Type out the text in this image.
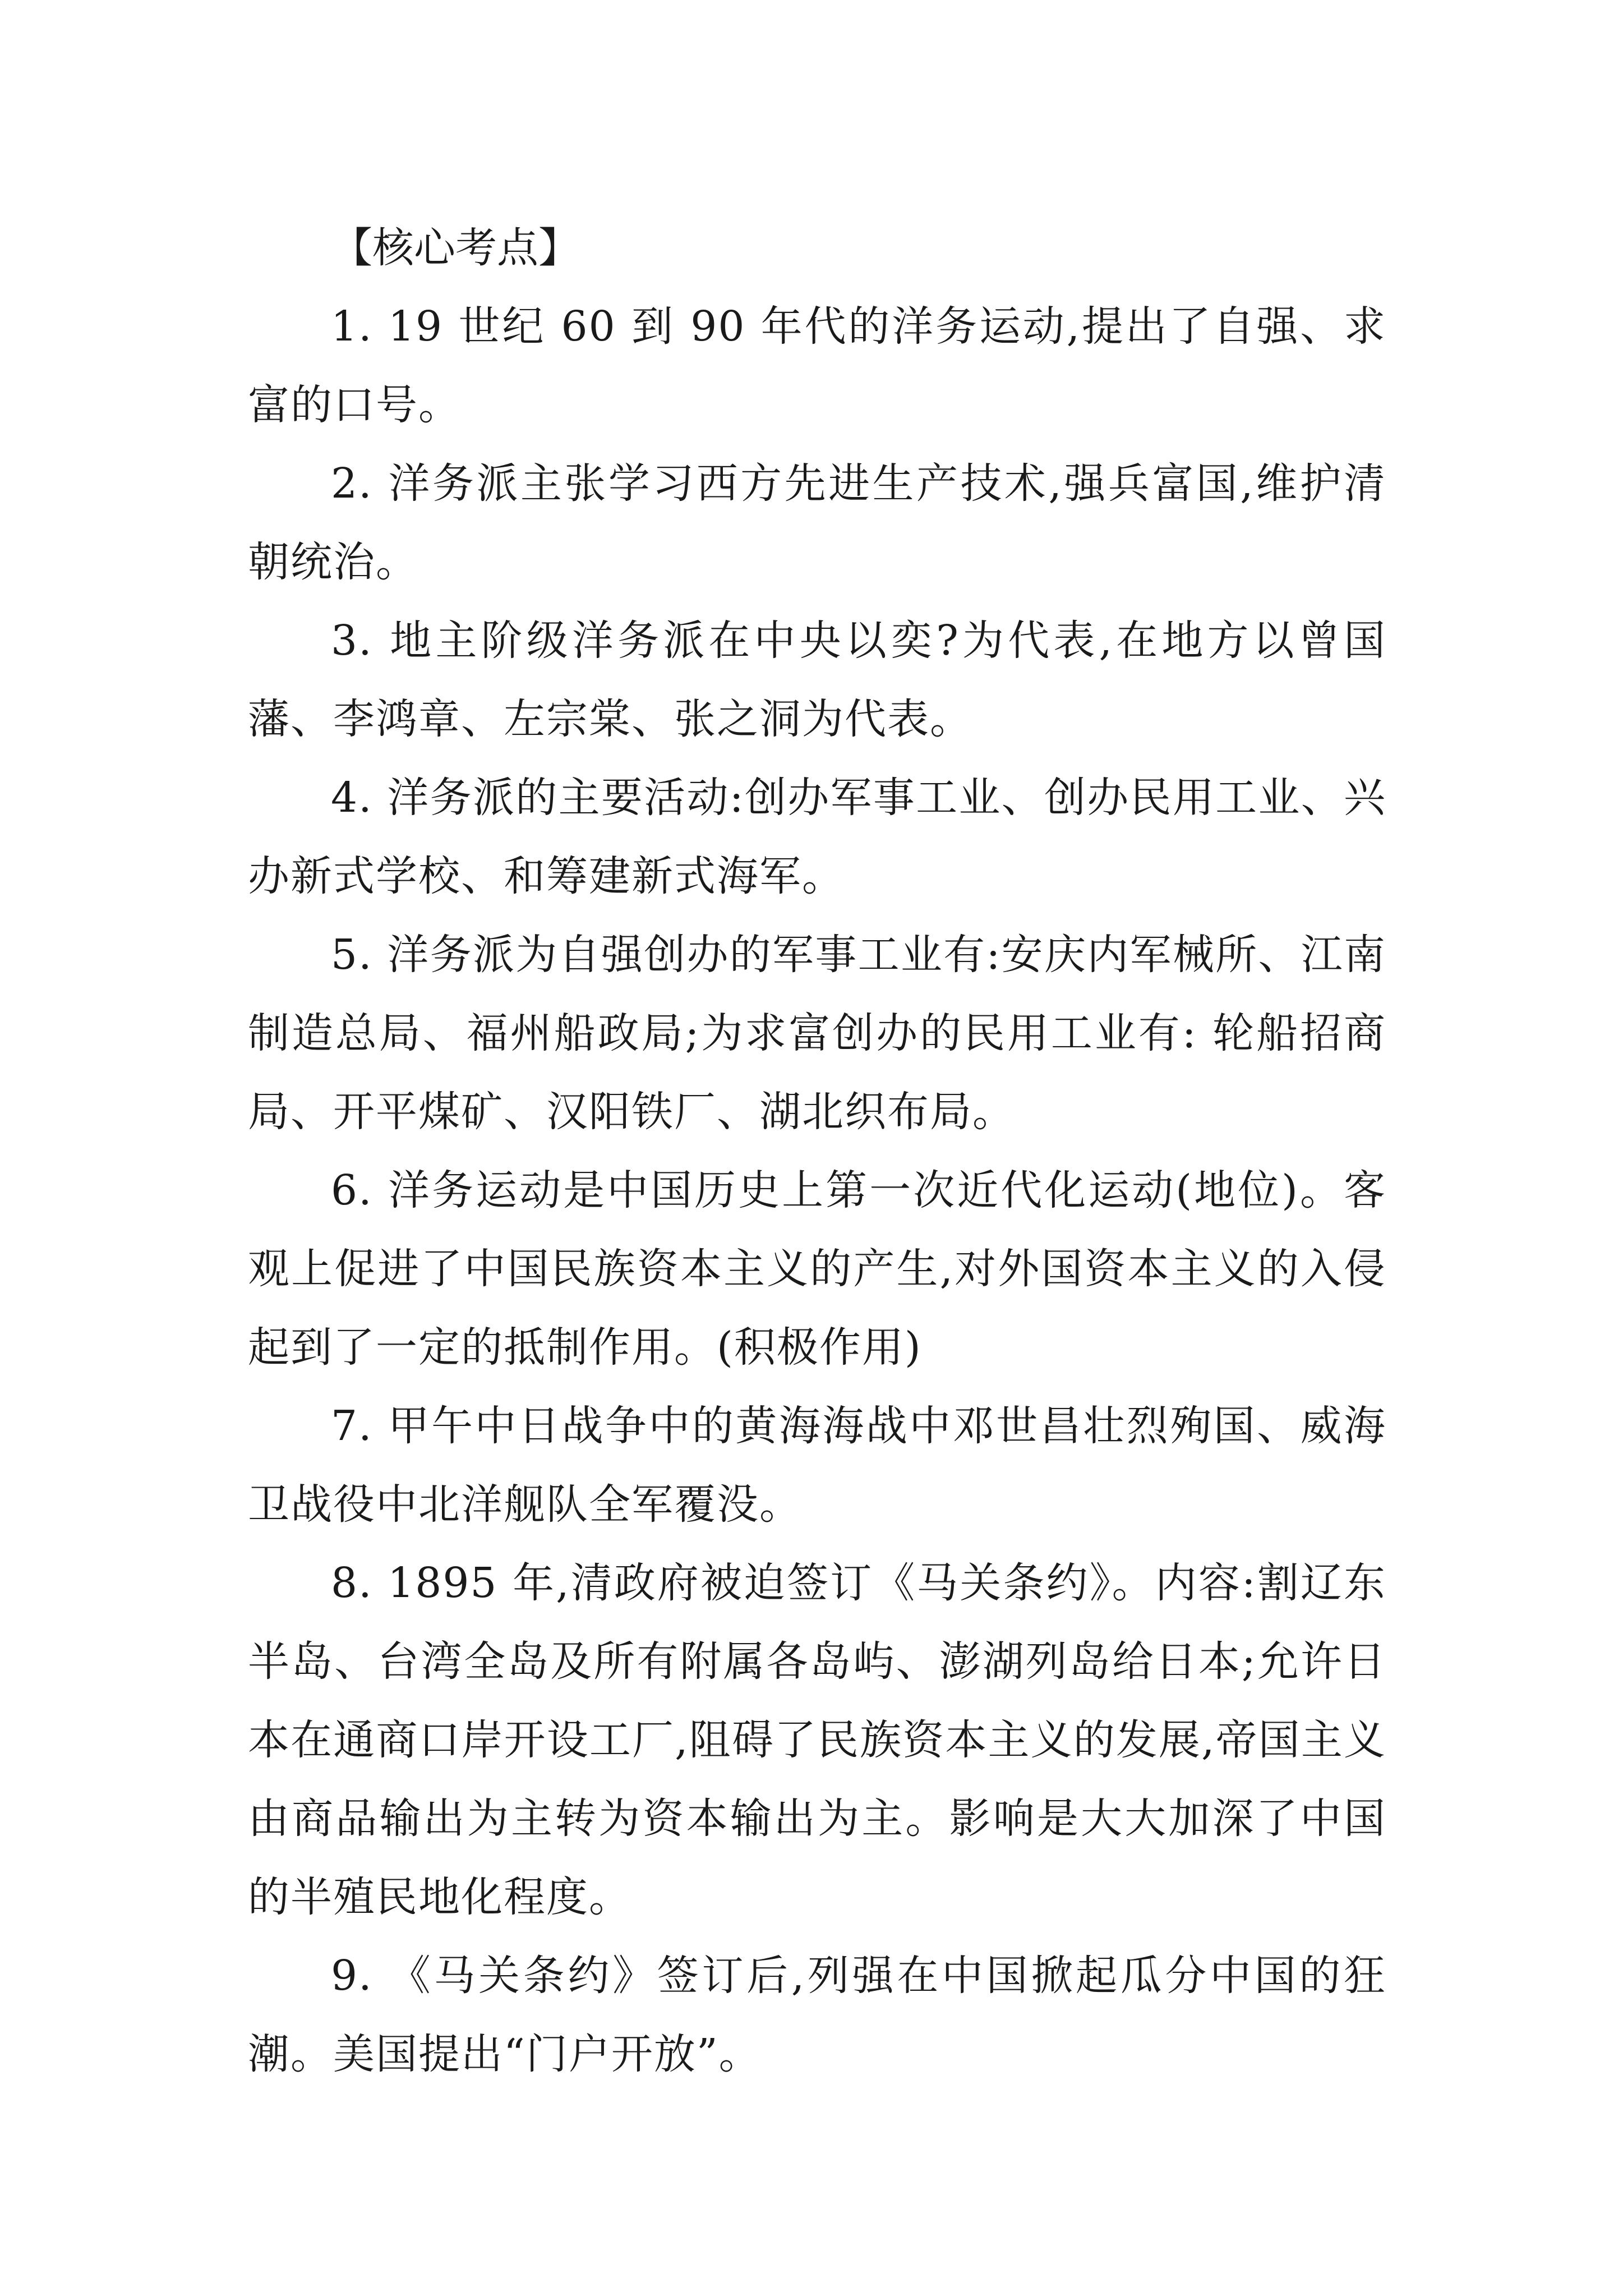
【核心考点】

1. 19 世纪 60 到 90 年代的洋务运动,提出了自强、求富的口号。

2. 洋务派主张学习西方先进生产技术,强兵富国,维护清朝统治。

3. 地主阶级洋务派在中央以奕?为代表,在地方以曾国藩、李鸿章、左宗棠、张之洞为代表。

4. 洋务派的主要活动:创办军事工业、创办民用工业、兴办新式学校、和筹建新式海军。

5. 洋务派为自强创办的军事工业有:安庆内军械所、江南制造总局、福州船政局;为求富创办的民用工业有: 轮船招商局、开平煤矿、汉阳铁厂、湖北织布局。

6. 洋务运动是中国历史上第一次近代化运动(地位)。客观上促进了中国民族资本主义的产生,对外国资本主义的入侵起到了一定的抵制作用。(积极作用)

7. 甲午中日战争中的黄海海战中邓世昌壮烈殉国、威海卫战役中北洋舰队全军覆没。

8. 1895 年,清政府被迫签订《马关条约》。内容:割辽东半岛、台湾全岛及所有附属各岛屿、澎湖列岛给日本;允许日本在通商口岸开设工厂,阻碍了民族资本主义的发展,帝国主义由商品输出为主转为资本输出为主。影响是大大加深了中国的半殖民地化程度。

9. 《马关条约》签订后,列强在中国掀起瓜分中国的狂潮。美国提出“门户开放”。
